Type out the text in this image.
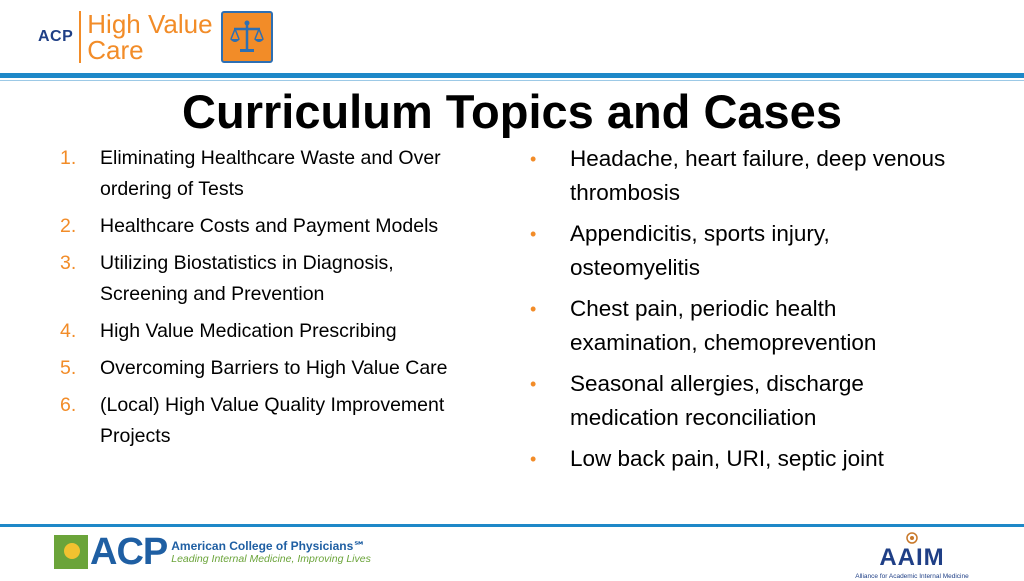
ACP High Value
Care
Curriculum Topics and Cases
1.	Eliminating Healthcare Waste and Over ordering of Tests
2.	Healthcare Costs and Payment Models
3.	Utilizing Biostatistics in Diagnosis, Screening and Prevention
4.	High Value Medication Prescribing
5.	Overcoming Barriers to High Value Care
6.	(Local) High Value Quality Improvement Projects
•	Headache, heart failure, deep venous thrombosis
•	Appendicitis, sports injury, osteomyelitis
•	Chest pain, periodic health examination, chemoprevention
•	Seasonal allergies, discharge medication reconciliation
•	Low back pain, URI, septic joint
ACP American College of Physicians℠
Leading Internal Medicine, Improving Lives	AAIM
Alliance for Academic Internal Medicine
